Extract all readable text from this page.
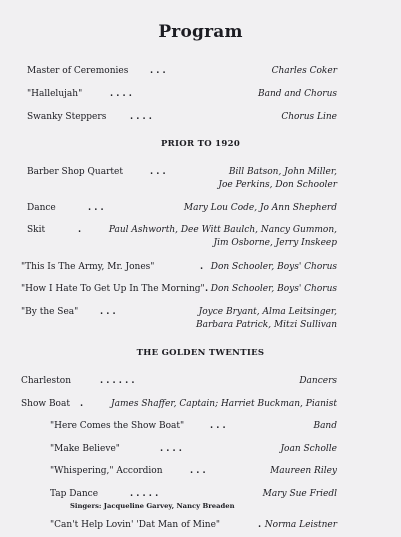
Program
Master of Ceremonies . . .	Charles Coker
"Hallelujah"	. . . .	Band and Chorus
Swanky Steppers	. . . .	Chorus Line
PRIOR TO 1920
Barber Shop Quartet	. . .	Bill Batson, John Miller,
Joe Perkins, Don Schooler
Dance	. . .	Mary Lou Code, Jo Ann Shepherd
Skit	.	Paul Ashworth, Dee Witt Baulch, Nancy Gummon,
Jim Osborne, Jerry Inskeep
"This Is The Army, Mr. Jones"	. Don Schooler, Boys' Chorus
"How I Hate To Get Up In The Morning" . Don Schooler, Boys' Chorus
"By the Sea" . . .	Joyce Bryant, Alma Leitsinger,
Barbara Patrick, Mitzi Sullivan
THE GOLDEN TWENTIES
Charleston	. . . . . .	Dancers
Show Boat .	James Shaffer, Captain; Harriet Buckman, Pianist
"Here Comes the Show Boat"	. . .	Band
"Make Believe"	. . . .	Joan Scholle
"Whispering," Accordion	. . .	Maureen Riley
Tap Dance	. . . . .	Mary Sue Friedl
Singers: Jacqueline Garvey, Nancy Breaden
"Can't Help Lovin' 'Dat Man of Mine"	. Norma Leistner
